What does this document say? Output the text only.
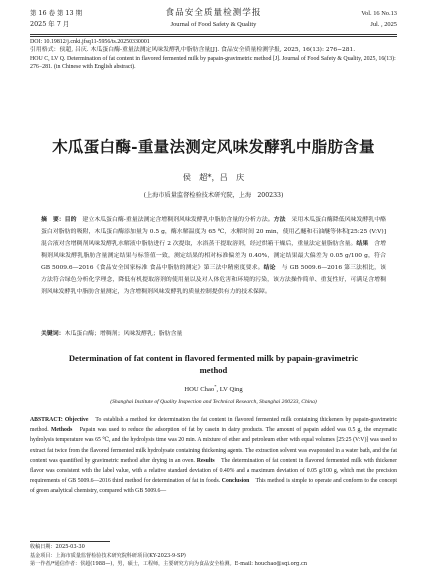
第 16 卷 第 13 期
2025 年 7 月
食品安全质量检测学报
Journal of Food Safety & Quality
Vol. 16 No.13
Jul. , 2025
DOI: 10.19812/j.cnki.jfsq11-5956/ts.20250330001
引用格式：侯超, 吕庆. 木瓜蛋白酶-重量法测定风味发酵乳中脂肪含量[J]. 食品安全质量检测学报, 2025, 16(13): 276−281.
HOU C, LV Q. Determination of fat content in flavored fermented milk by papain-gravimetric method [J]. Journal of Food Safety & Quality, 2025, 16(13): 276−281. (in Chinese with English abstract).
木瓜蛋白酶-重量法测定风味发酵乳中脂肪含量
侯　超*，吕　庆
(上海市质量监督检验技术研究院，上海　200233)
摘　要：目的　 建立木瓜蛋白酶-重量法测定含增稠剂风味发酵乳中脂肪含量的分析方法。方法　 采用木瓜蛋白酶降低风味发酵乳中酪蛋白对脂肪的吸附，木瓜蛋白酶添加量为 0.5 g，酶水解温度为 65 ℃，水解时间 20 min，使用乙醚和石油醚等体积[25:25 (V:V)]混合液对含增稠剂风味发酵乳水解液中脂肪进行 2 次提取，水浴蒸干提取溶剂，经过烘箱干燥后，重量法定量脂肪含量。结果　 含增稠剂风味发酵乳脂肪含量测定结果与标签值一致，测定结果的相对标准偏差为 0.40%，测定结果最大偏差为 0.05 g/100 g，符合 GB 5009.6—2016《食品安全国家标准 食品中脂肪的测定》第三法中精密度要求。结论　 与 GB 5009.6—2016 第三法相比，该方法符合绿色分析化学理念，降低有机提取溶剂的使用量以及对人体危害和环境的污染，该方法操作简单、重复性好，可满足含增稠剂风味发酵乳中脂肪含量测定，为含增稠剂风味发酵乳的质量控制提供有力的技术保障。
关键词：木瓜蛋白酶；增稠剂；风味发酵乳；脂肪含量
Determination of fat content in flavored fermented milk by papain-gravimetric method
HOU Chao*, LV Qing
(Shanghai Institute of Quality Inspection and Technical Research, Shanghai 200233, China)
ABSTRACT: Objective　 To establish a method for determination the fat content in flavored fermented milk containing thickeners by papain-gravimetric method. Methods　 Papain was used to reduce the adsorption of fat by casein in dairy products. The amount of papain added was 0.5 g, the enzymatic hydrolysis temperature was 65 ℃, and the hydrolysis time was 20 min. A mixture of ether and petroleum ether with equal volumes [25:25 (V:V)] was used to extract fat twice from the flavored fermented milk hydrolysate containing thickening agents. The extraction solvent was evaporated in a water bath, and the fat content was quantified by gravimetric method after drying in an oven. Results　 The determination of fat content in flavored fermented milk with thickener flavor was consistent with the label value, with a relative standard deviation of 0.40% and a maximum deviation of 0.05 g/100 g, which met the precision requirements of GB 5009.6—2016 third method for determination of fat in foods. Conclusion　 This method is simple to operate and conform to the concept of green analytical chemistry, compared with GB 5009.6—
收稿日期：2025-03-30
基金项目：上海市质量监督检验技术研究院科研项目(KY-2023-9-SP)
第一作者/*通信作者：侯超(1988—)，男，硕士，工程师，主要研究方向为食品安全检测。E-mail: houchao@sqi.org.cn
